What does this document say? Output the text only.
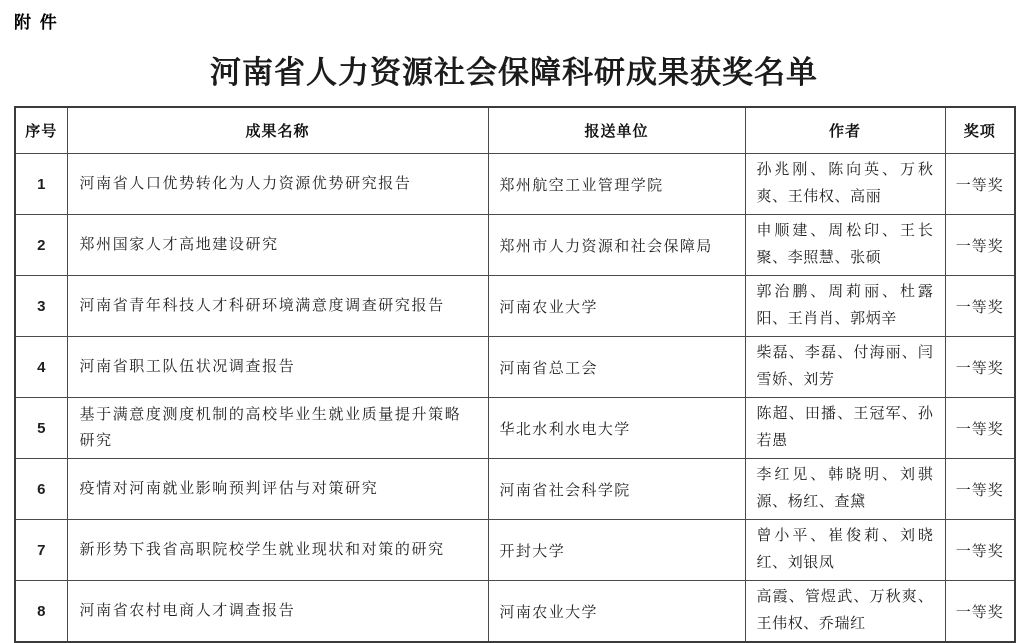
附 件
河南省人力资源社会保障科研成果获奖名单
序号	成果名称	报送单位	作者	奖项
1	河南省人口优势转化为人力资源优势研究报告	郑州航空工业管理学院	孙兆刚、陈向英、万秋爽、王伟权、高丽	一等奖
2	郑州国家人才高地建设研究	郑州市人力资源和社会保障局	申顺建、周松印、王长聚、李照慧、张硕	一等奖
3	河南省青年科技人才科研环境满意度调查研究报告	河南农业大学	郭治鹏、周莉丽、杜露阳、王肖肖、郭炳辛	一等奖
4	河南省职工队伍状况调查报告	河南省总工会	柴磊、李磊、付海丽、闫雪娇、刘芳	一等奖
5	基于满意度测度机制的高校毕业生就业质量提升策略研究	华北水利水电大学	陈超、田播、王冠军、孙若愚	一等奖
6	疫情对河南就业影响预判评估与对策研究	河南省社会科学院	李红见、韩晓明、刘骐源、杨红、查黛	一等奖
7	新形势下我省高职院校学生就业现状和对策的研究	开封大学	曾小平、崔俊莉、刘晓红、刘银凤	一等奖
8	河南省农村电商人才调查报告	河南农业大学	高霞、管煜武、万秋爽、王伟权、乔瑞红	一等奖
